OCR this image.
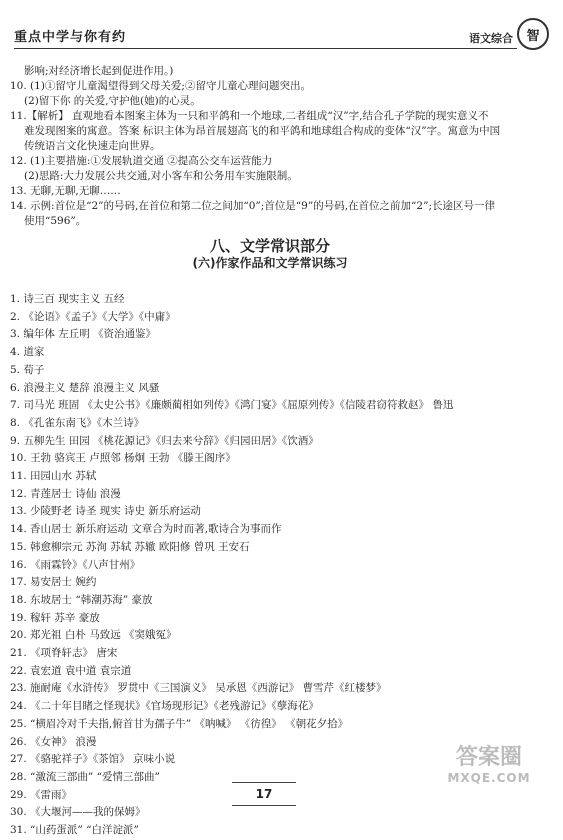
重点中学与你有约	语文综合	智

影响;对经济增长起到促进作用。)

10. (1)①留守儿童渴望得到父母关爱;②留守儿童心理问题突出。

(2)留下你 的关爱,守护他(她)的心灵。

11.【解析】 直观地看本图案主体为一只和平鸽和一个地球,二者组成“汉”字,结合孔子学院的现实意义不

难发现图案的寓意。答案 标识主体为昂首展翅高飞的和平鸽和地球组合构成的变体“汉”字。寓意为中国

传统语言文化快速走向世界。

12. (1)主要措施:①发展轨道交通 ②提高公交车运营能力

(2)思路:大力发展公共交通,对小客车和公务用车实施限制。

13. 无聊,无聊,无聊……

14. 示例:首位是“2”的号码,在首位和第二位之间加“0”;首位是“9”的号码,在首位之前加“2”;长途区号一律

使用“596”。

八、文学常识部分
(六)作家作品和文学常识练习

1. 诗三百 现实主义 五经

2. 《论语》《孟子》《大学》《中庸》

3. 编年体 左丘明 《资治通鉴》

4. 道家

5. 荀子

6. 浪漫主义 楚辞 浪漫主义 风骚

7. 司马光 班固 《太史公书》《廉颇蔺相如列传》《鸿门宴》《屈原列传》《信陵君窃符救赵》 鲁迅

8. 《孔雀东南飞》《木兰诗》

9. 五柳先生 田园 《桃花源记》《归去来兮辞》《归园田居》《饮酒》

10. 王勃 骆宾王 卢照邻 杨炯 王勃 《滕王阁序》

11. 田园山水 苏轼

12. 青莲居士 诗仙 浪漫

13. 少陵野老 诗圣 现实 诗史 新乐府运动

14. 香山居士 新乐府运动 文章合为时而著,歌诗合为事而作

15. 韩愈柳宗元 苏洵 苏轼 苏辙 欧阳修 曾巩 王安石

16. 《雨霖铃》《八声甘州》

17. 易安居士 婉约

18. 东坡居士 “韩潮苏海” 豪放

19. 稼轩 苏辛 豪放

20. 郑光祖 白朴 马致远 《窦娥冤》

21. 《项脊轩志》 唐宋

22. 袁宏道 袁中道 袁宗道

23. 施耐庵《水浒传》 罗贯中《三国演义》 吴承恩《西游记》 曹雪芹《红楼梦》

24. 《二十年目睹之怪现状》《官场现形记》《老残游记》《孽海花》

25. “横眉冷对千夫指,俯首甘为孺子牛” 《呐喊》 《彷徨》 《朝花夕拾》

26. 《女神》 浪漫

27. 《骆驼祥子》《茶馆》 京味小说

28. “激流三部曲” “爱情三部曲”

29. 《雷雨》

30. 《大堰河——我的保姆》

31. “山药蛋派” “白洋淀派”

17
答案圈
MXQE.COM
